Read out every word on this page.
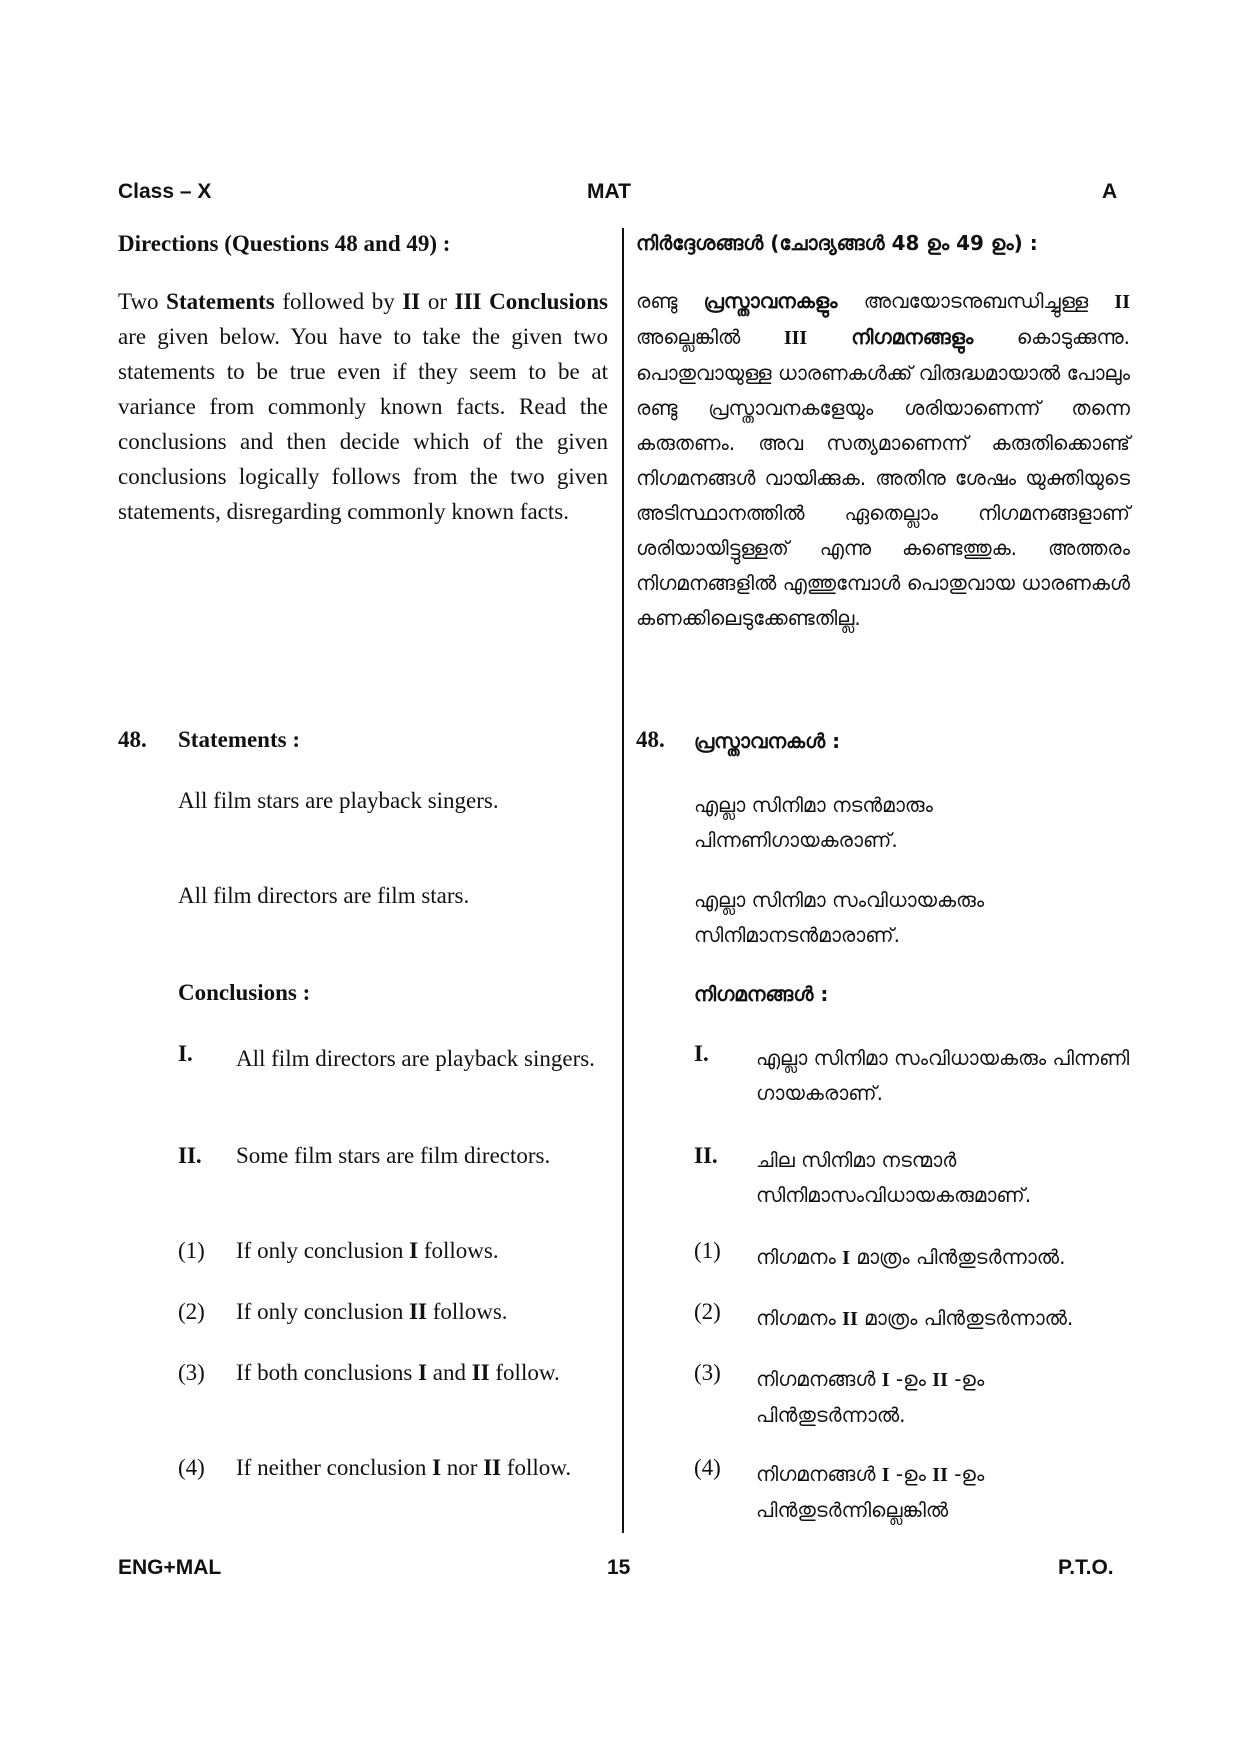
Class – X	MAT	A
Directions (Questions 48 and 49) :
Two Statements followed by II or III Conclusions are given below. You have to take the given two statements to be true even if they seem to be at variance from commonly known facts. Read the conclusions and then decide which of the given conclusions logically follows from the two given statements, disregarding commonly known facts.
48. Statements :
All film stars are playback singers.
All film directors are film stars.
Conclusions :
I. All film directors are playback singers.
II. Some film stars are film directors.
(1) If only conclusion I follows.
(2) If only conclusion II follows.
(3) If both conclusions I and II follow.
(4) If neither conclusion I nor II follow.
നിർദ്ദേശങ്ങൾ (ചോദ്യങ്ങൾ 48 ഉം 49 ഉം) :
രണ്ടു പ്രസ്താവനകളും അവയോടനുബന്ധിച്ചുള്ള II അല്ലെങ്കിൽ III നിഗമനങ്ങളും കൊടുക്കുന്നു. പൊതുവായുള്ള ധാരണകൾക്ക് വിരുദ്ധമായാൽ പോലും രണ്ടു പ്രസ്താവനകളേയും ശരിയാണെന്ന് തന്നെ കരുതണം. അവ സത്യമാണെന്ന് കരുതിക്കൊണ്ട് നിഗമനങ്ങൾ വായിക്കുക. അതിനു ശേഷം യുക്തിയുടെ അടിസ്ഥാനത്തിൽ ഏതെല്ലാം നിഗമനങ്ങളാണ് ശരിയായിട്ടുള്ളത് എന്നു കണ്ടെത്തുക. അത്തരം നിഗമനങ്ങളിൽ എത്തുമ്പോൾ പൊതുവായ ധാരണകൾ കണക്കിലെടുക്കേണ്ടതില്ല.
48. പ്രസ്താവനകൾ :
എല്ലാ സിനിമാ നടൻമാരും പിന്നണിഗായകരാണ്.
എല്ലാ സിനിമാ സംവിധായകരും സിനിമാനടൻമാരാണ്.
നിഗമനങ്ങൾ :
I. എല്ലാ സിനിമാ സംവിധായകരും പിന്നണി ഗായകരാണ്.
II. ചില സിനിമാ നടന്മാർ സിനിമാസംവിധായകരുമാണ്.
(1) നിഗമനം I മാത്രം പിൻതുടർന്നാൽ.
(2) നിഗമനം II മാത്രം പിൻതുടർന്നാൽ.
(3) നിഗമനങ്ങൾ I -ഉം II -ഉം പിൻതുടർന്നാൽ.
(4) നിഗമനങ്ങൾ I -ഉം II -ഉം പിൻതുടർന്നില്ലെങ്കിൽ
ENG+MAL	15	P.T.O.
